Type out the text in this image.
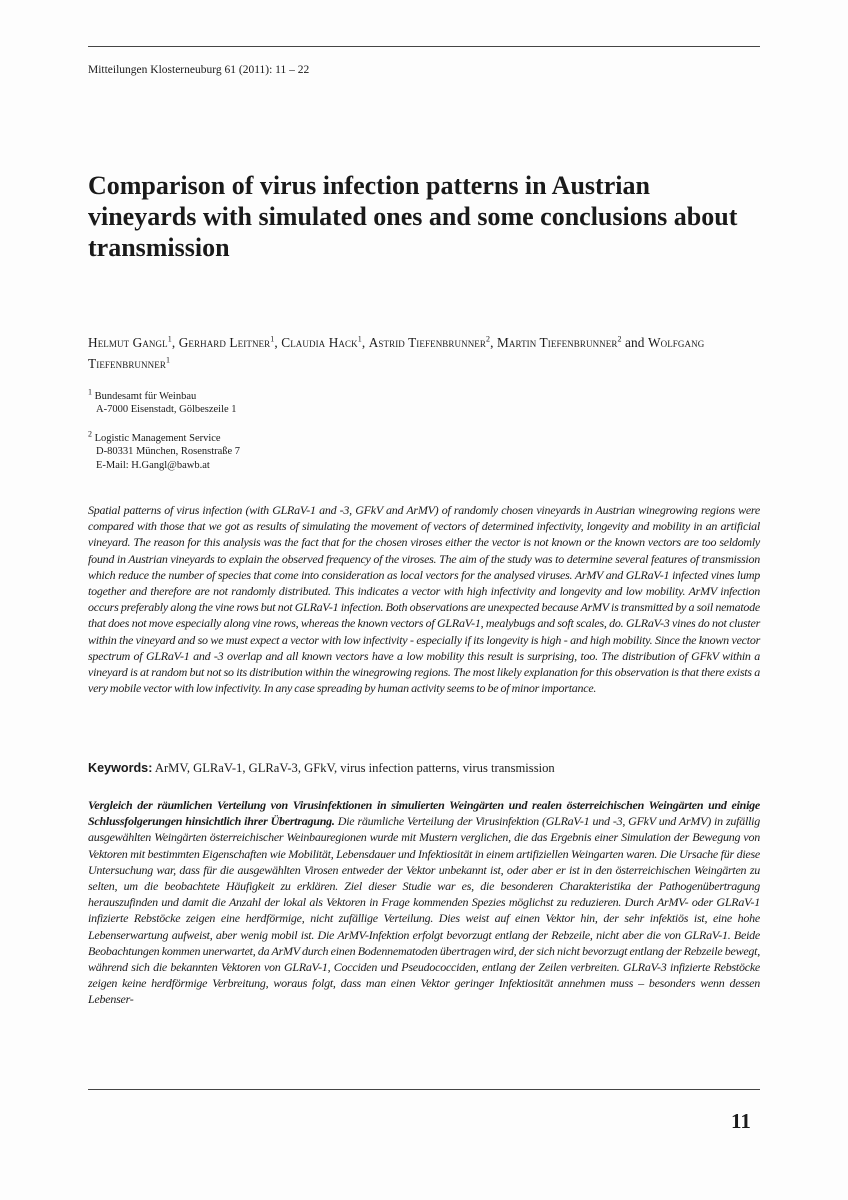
Mitteilungen Klosterneuburg 61 (2011): 11 – 22
Comparison of virus infection patterns in Austrian vineyards with simulated ones and some conclusions about transmission
Helmut Gangl$^1$, Gerhard Leitner$^1$, Claudia Hack$^1$, Astrid Tiefenbrunner$^2$, Martin Tiefenbrunner$^2$ and Wolfgang Tiefenbrunner$^1$
$^1$ Bundesamt für Weinbau
A-7000 Eisenstadt, Gölbeszeile 1
$^2$ Logistic Management Service
D-80331 München, Rosenstraße 7
E-Mail: H.Gangl@bawb.at
Spatial patterns of virus infection (with GLRaV-1 and -3, GFkV and ArMV) of randomly chosen vineyards in Austrian winegrowing regions were compared with those that we got as results of simulating the movement of vectors of determined infectivity, longevity and mobility in an artificial vineyard. The reason for this analysis was the fact that for the chosen viroses either the vector is not known or the known vectors are too seldomly found in Austrian vineyards to explain the observed frequency of the viroses. The aim of the study was to determine several features of transmission which reduce the number of species that come into consideration as local vectors for the analysed viruses. ArMV and GLRaV-1 infected vines lump together and therefore are not randomly distributed. This indicates a vector with high infectivity and longevity and low mobility. ArMV infection occurs preferably along the vine rows but not GLRaV-1 infection. Both observations are unexpected because ArMV is transmitted by a soil nematode that does not move especially along vine rows, whereas the known vectors of GLRaV-1, mealybugs and soft scales, do. GLRaV-3 vines do not cluster within the vineyard and so we must expect a vector with low infectivity - especially if its longevity is high - and high mobility. Since the known vector spectrum of GLRaV-1 and -3 overlap and all known vectors have a low mobility this result is surprising, too. The distribution of GFkV within a vineyard is at random but not so its distribution within the winegrowing regions. The most likely explanation for this observation is that there exists a very mobile vector with low infectivity. In any case spreading by human activity seems to be of minor importance.
Keywords: ArMV, GLRaV-1, GLRaV-3, GFkV, virus infection patterns, virus transmission
Vergleich der räumlichen Verteilung von Virusinfektionen in simulierten Weingärten und realen österreichischen Weingärten und einige Schlussfolgerungen hinsichtlich ihrer Übertragung. Die räumliche Verteilung der Virusinfektion (GLRaV-1 und -3, GFkV und ArMV) in zufällig ausgewählten Weingärten österreichischer Weinbauregionen wurde mit Mustern verglichen, die das Ergebnis einer Simulation der Bewegung von Vektoren mit bestimmten Eigenschaften wie Mobilität, Lebensdauer und Infektiosität in einem artifiziellen Weingarten waren. Die Ursache für diese Untersuchung war, dass für die ausgewählten Virosen entweder der Vektor unbekannt ist, oder aber er ist in den österreichischen Weingärten zu selten, um die beobachtete Häufigkeit zu erklären. Ziel dieser Studie war es, die besonderen Charakteristika der Pathogenübertragung herauszufinden und damit die Anzahl der lokal als Vektoren in Frage kommenden Spezies möglichst zu reduzieren. Durch ArMV- oder GLRaV-1 infizierte Rebstöcke zeigen eine herdförmige, nicht zufällige Verteilung. Dies weist auf einen Vektor hin, der sehr infektiös ist, eine hohe Lebenserwartung aufweist, aber wenig mobil ist. Die ArMV-Infektion erfolgt bevorzugt entlang der Rebzeile, nicht aber die von GLRaV-1. Beide Beobachtungen kommen unerwartet, da ArMV durch einen Bodennematoden übertragen wird, der sich nicht bevorzugt entlang der Rebzeile bewegt, während sich die bekannten Vektoren von GLRaV-1, Cocciden und Pseudococciden, entlang der Zeilen verbreiten. GLRaV-3 infizierte Rebstöcke zeigen keine herdförmige Verbreitung, woraus folgt, dass man einen Vektor geringer Infektiosität annehmen muss – besonders wenn dessen Lebenser-
11
